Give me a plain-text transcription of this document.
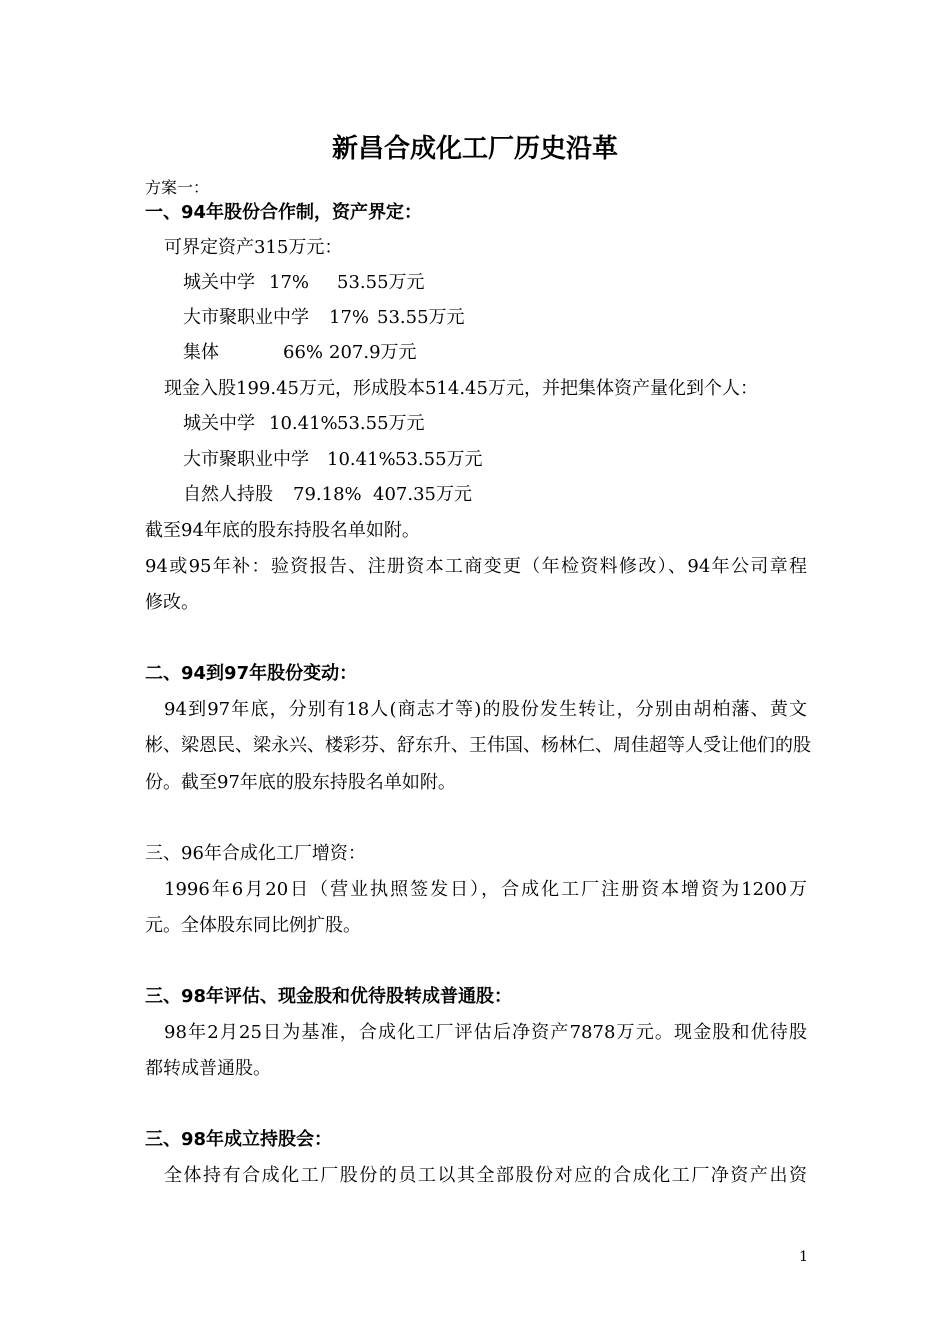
新昌合成化工厂历史沿革
方案一：
一、94年股份合作制，资产界定：
可界定资产315万元：
城关中学 17% 53.55万元
大市聚职业中学 17% 53.55万元
集体	66% 207.9万元
现金入股199.45万元，形成股本514.45万元，并把集体资产量化到个人：
城关中学 10.41%53.55万元
大市聚职业中学 10.41%53.55万元
自然人持股 79.18% 407.35万元
截至94年底的股东持股名单如附。
94或95年补：验资报告、注册资本工商变更（年检资料修改）、94年公司章程
修改。
二、94到97年股份变动：
94到97年底，分别有18人(商志才等)的股份发生转让，分别由胡柏藩、黄文
彬、梁恩民、梁永兴、楼彩芬、舒东升、王伟国、杨林仁、周佳超等人受让他们的股
份。截至97年底的股东持股名单如附。
三、96年合成化工厂增资：
1996年6月20日（营业执照签发日），合成化工厂注册资本增资为1200万
元。全体股东同比例扩股。
三、98年评估、现金股和优待股转成普通股：
98年2月25日为基准，合成化工厂评估后净资产7878万元。现金股和优待股
都转成普通股。
三、98年成立持股会：
全体持有合成化工厂股份的员工以其全部股份对应的合成化工厂净资产出资
1
